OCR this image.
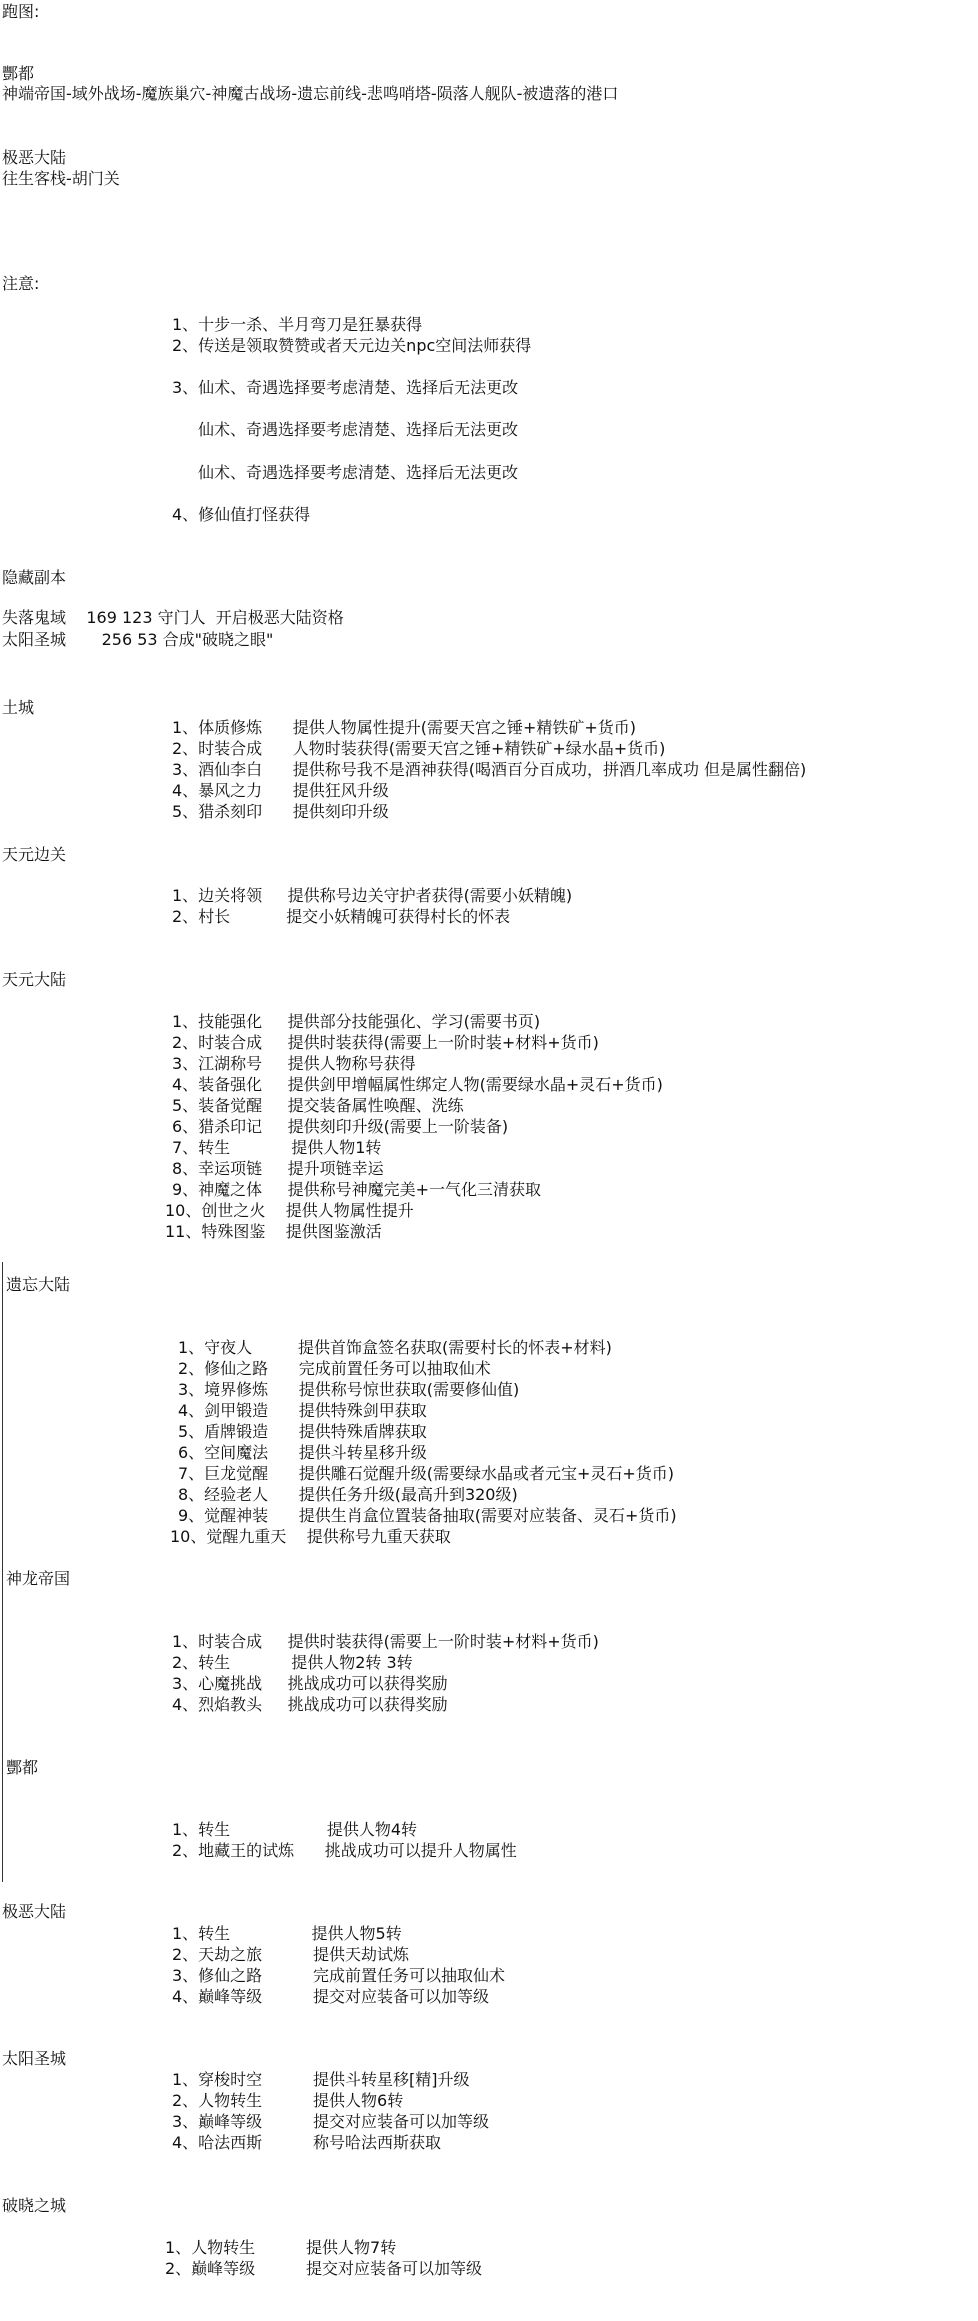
跑图:
酆都
神端帝国-域外战场-魔族巢穴-神魔古战场-遗忘前线-悲鸣哨塔-陨落人舰队-被遗落的港口
极恶大陆
往生客栈-胡门关
注意:
1、十步一杀、半月弯刀是狂暴获得
2、传送是领取赞赞或者天元边关npc空间法师获得
3、仙术、奇遇选择要考虑清楚、选择后无法更改
仙术、奇遇选择要考虑清楚、选择后无法更改
仙术、奇遇选择要考虑清楚、选择后无法更改
4、修仙值打怪获得
隐藏副本
失落鬼域    169 123 守门人  开启极恶大陆资格
太阳圣城       256 53 合成"破晓之眼"
土城
1、体质修炼      提供人物属性提升(需要天宫之锤+精铁矿+货币)
2、时装合成      人物时装获得(需要天宫之锤+精铁矿+绿水晶+货币)
3、酒仙李白      提供称号我不是酒神获得(喝酒百分百成功，拼酒几率成功 但是属性翻倍)
4、暴风之力      提供狂风升级
5、猎杀刻印      提供刻印升级
天元边关
1、边关将领     提供称号边关守护者获得(需要小妖精魄)
2、村长           提交小妖精魄可获得村长的怀表
天元大陆
1、技能强化     提供部分技能强化、学习(需要书页)
2、时装合成     提供时装获得(需要上一阶时装+材料+货币)
3、江湖称号     提供人物称号获得
4、装备强化     提供剑甲增幅属性绑定人物(需要绿水晶+灵石+货币)
5、装备觉醒     提交装备属性唤醒、洗练
6、猎杀印记     提供刻印升级(需要上一阶装备)
7、转生            提供人物1转
8、幸运项链     提升项链幸运
9、神魔之体     提供称号神魔完美+一气化三清获取
10、创世之火    提供人物属性提升
11、特殊图鉴    提供图鉴激活
遗忘大陆
1、守夜人         提供首饰盒签名获取(需要村长的怀表+材料)
2、修仙之路      完成前置任务可以抽取仙术
3、境界修炼      提供称号惊世获取(需要修仙值)
4、剑甲锻造      提供特殊剑甲获取
5、盾牌锻造      提供特殊盾牌获取
6、空间魔法      提供斗转星移升级
7、巨龙觉醒      提供雕石觉醒升级(需要绿水晶或者元宝+灵石+货币)
8、经验老人      提供任务升级(最高升到320级)
9、觉醒神装      提供生肖盒位置装备抽取(需要对应装备、灵石+货币)
10、觉醒九重天    提供称号九重天获取
神龙帝国
1、时装合成     提供时装获得(需要上一阶时装+材料+货币)
2、转生            提供人物2转 3转
3、心魔挑战     挑战成功可以获得奖励
4、烈焰教头     挑战成功可以获得奖励
酆都
1、转生                   提供人物4转
2、地藏王的试炼      挑战成功可以提升人物属性
极恶大陆
1、转生                提供人物5转
2、天劫之旅          提供天劫试炼
3、修仙之路          完成前置任务可以抽取仙术
4、巅峰等级          提交对应装备可以加等级
太阳圣城
1、穿梭时空          提供斗转星移[精]升级
2、人物转生          提供人物6转
3、巅峰等级          提交对应装备可以加等级
4、哈法西斯          称号哈法西斯获取
破晓之城
1、人物转生          提供人物7转
2、巅峰等级          提交对应装备可以加等级
